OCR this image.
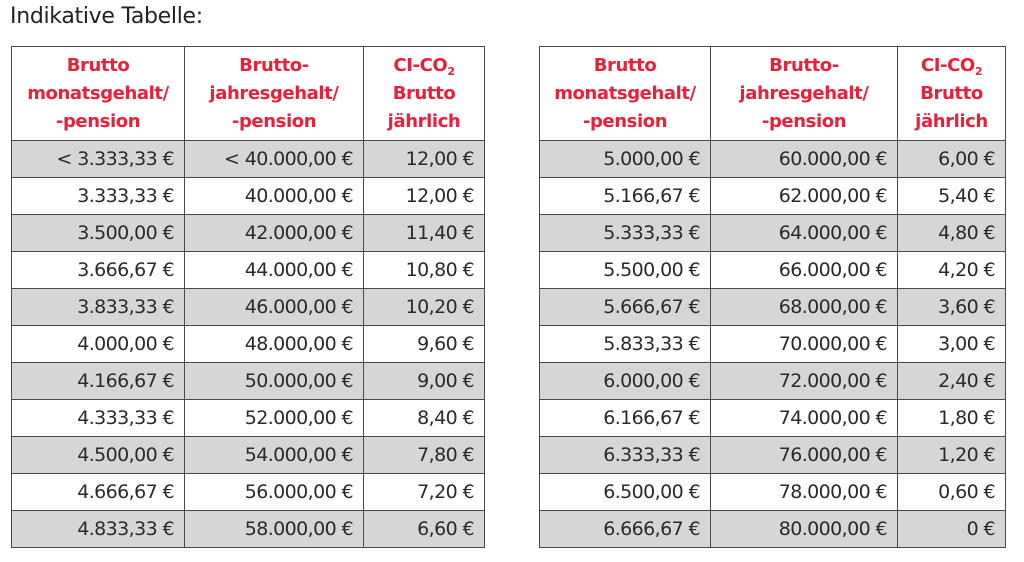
Indikative Tabelle:
Brutto
monatsgehalt/
-pension	Brutto-
jahresgehalt/
-pension	$CI-CO_2$
Brutto
jährlich

< 3.333,33 €	< 40.000,00 €	12,00 €
3.333,33 €	40.000,00 €	12,00 €
3.500,00 €	42.000,00 €	11,40 €
3.666,67 €	44.000,00 €	10,80 €
3.833,33 €	46.000,00 €	10,20 €
4.000,00 €	48.000,00 €	9,60 €
4.166,67 €	50.000,00 €	9,00 €
4.333,33 €	52.000,00 €	8,40 €
4.500,00 €	54.000,00 €	7,80 €
4.666,67 €	56.000,00 €	7,20 €
4.833,33 €	58.000,00 €	6,60 €
Brutto
monatsgehalt/
-pension	Brutto-
jahresgehalt/
-pension	$CI-CO_2$
Brutto
jährlich

5.000,00 €	60.000,00 €	6,00 €
5.166,67 €	62.000,00 €	5,40 €
5.333,33 €	64.000,00 €	4,80 €
5.500,00 €	66.000,00 €	4,20 €
5.666,67 €	68.000,00 €	3,60 €
5.833,33 €	70.000,00 €	3,00 €
6.000,00 €	72.000,00 €	2,40 €
6.166,67 €	74.000,00 €	1,80 €
6.333,33 €	76.000,00 €	1,20 €
6.500,00 €	78.000,00 €	0,60 €
6.666,67 €	80.000,00 €	0 €
